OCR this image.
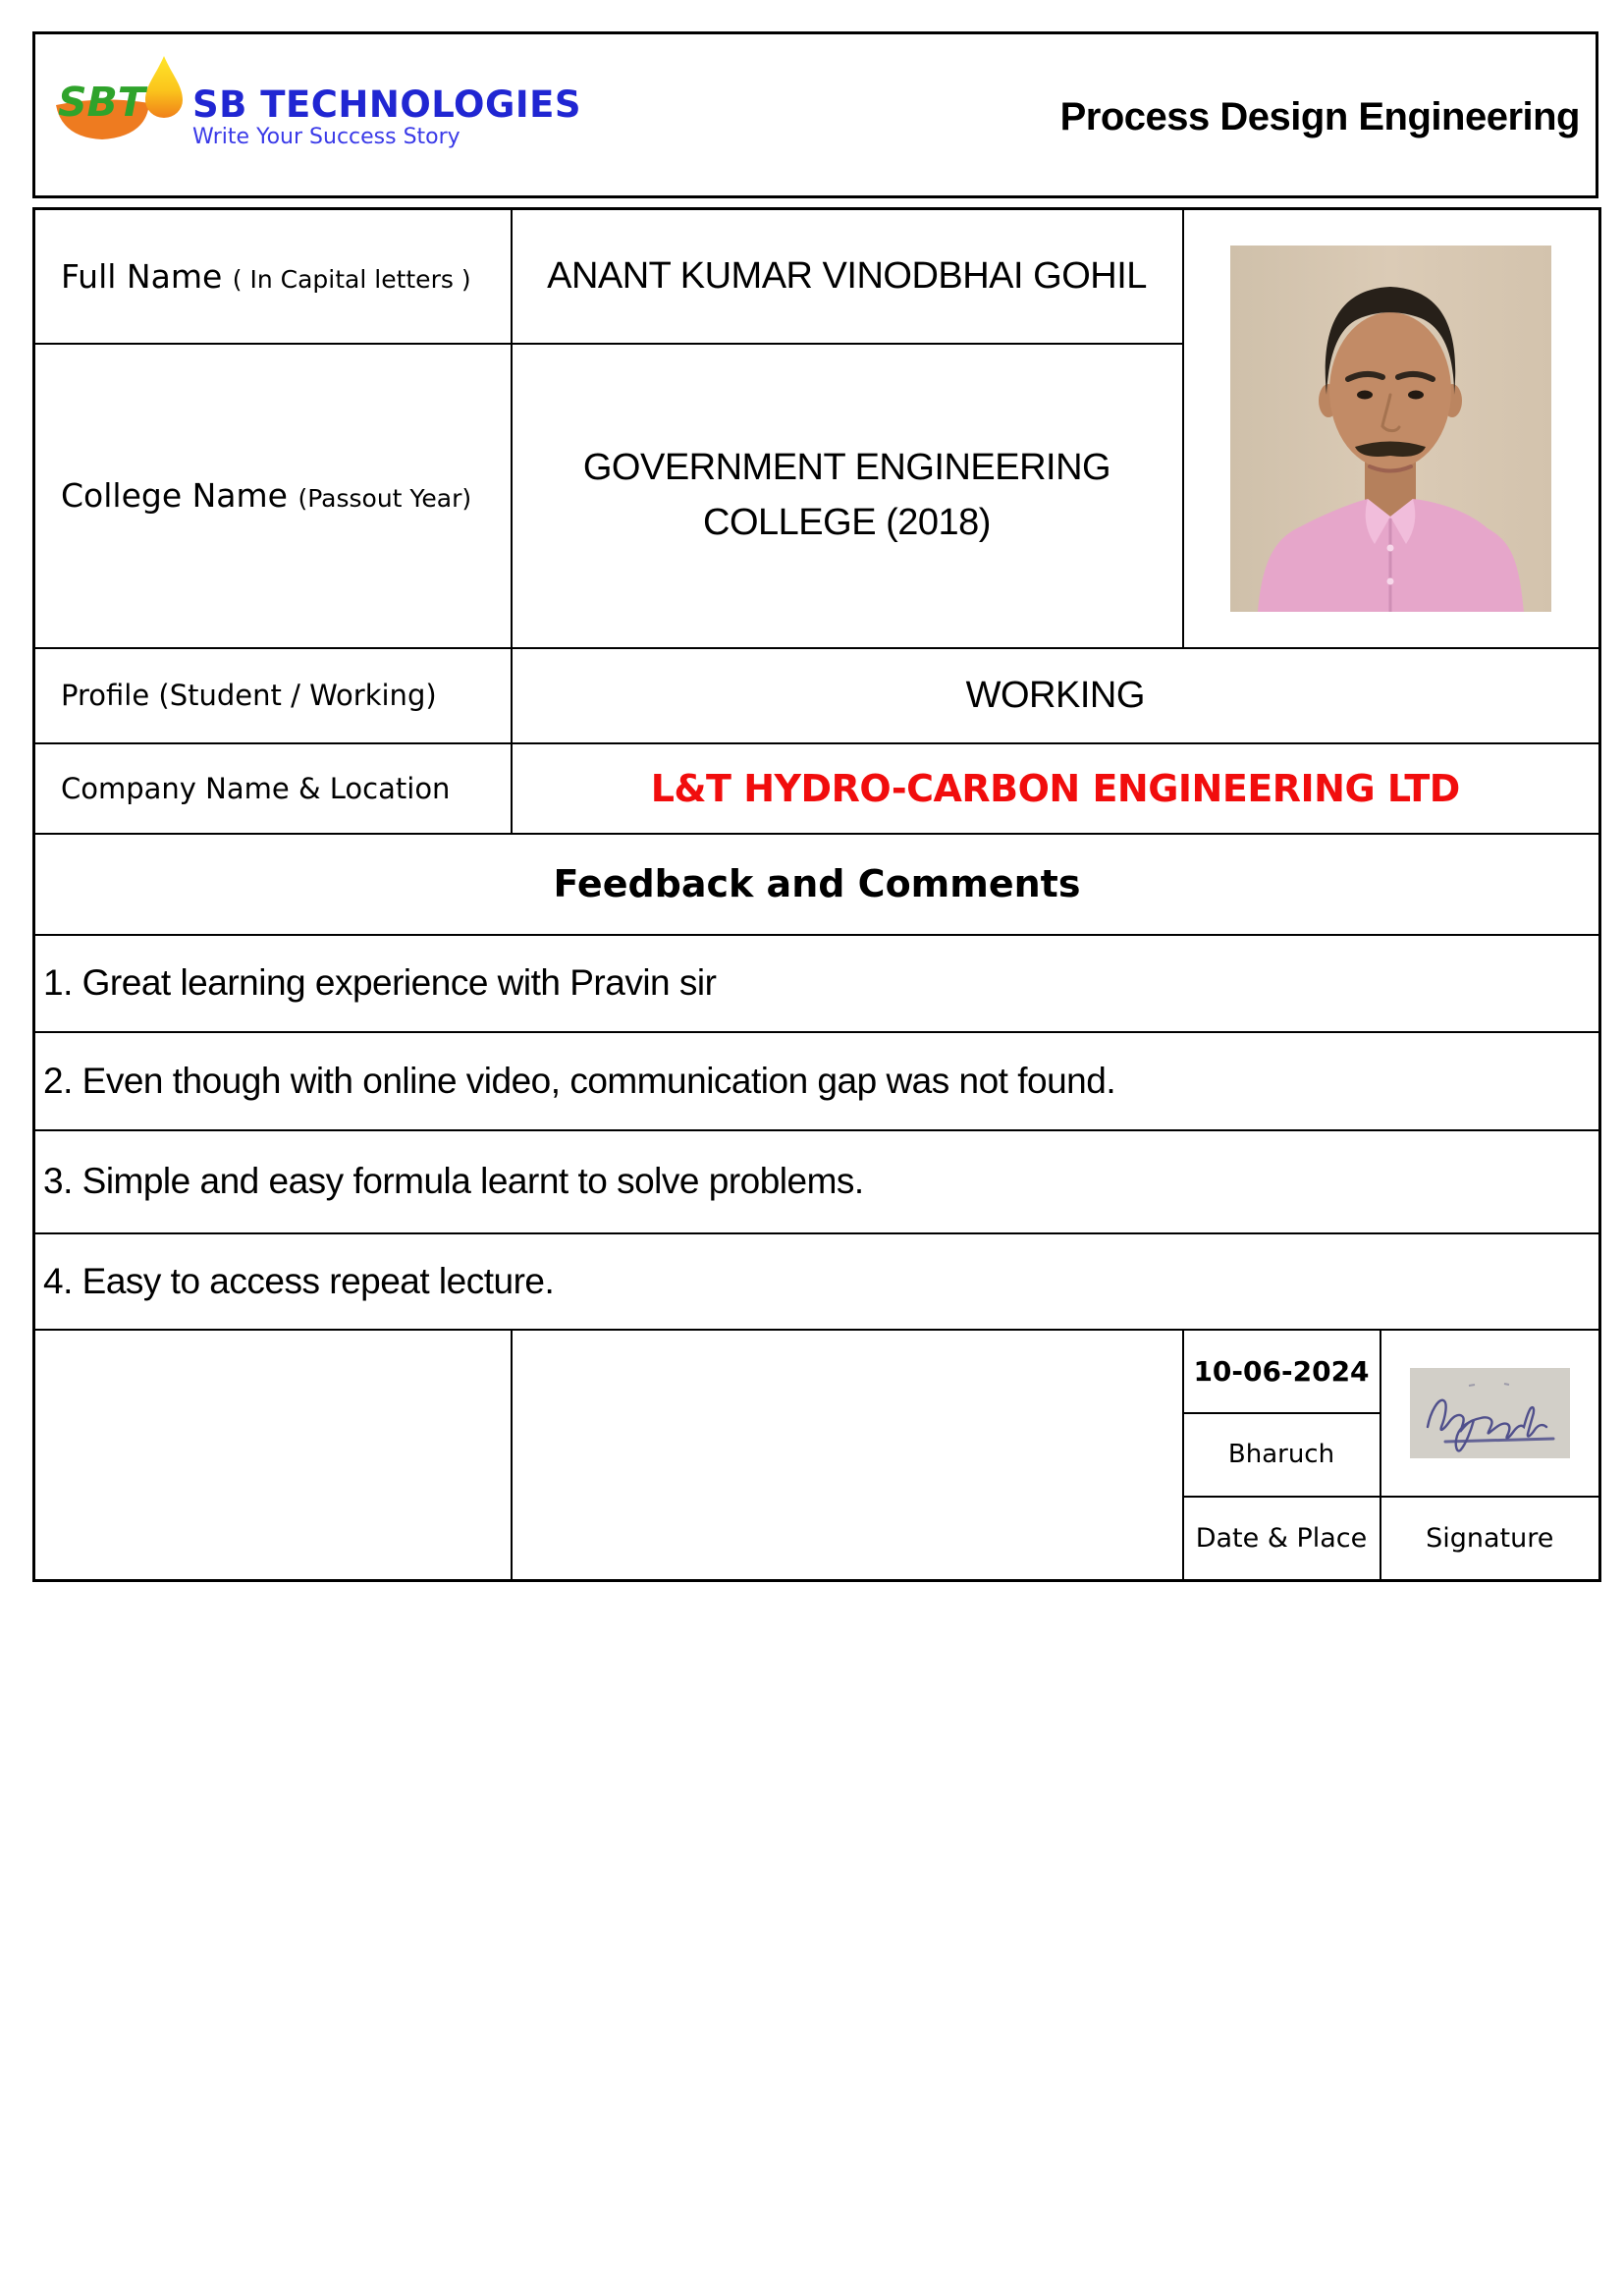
SBT SB TECHNOLOGIES
Write Your Success Story	Process Design Engineering
Full Name ( In Capital letters )	ANANT KUMAR VINODBHAI GOHIL	

College Name (Passout Year)	GOVERNMENT ENGINEERING COLLEGE (2018)		
Profile (Student / Working)	WORKING		
Company Name & Location	L&T HYDRO-CARBON ENGINEERING LTD		
Feedback and Comments			
1. Great learning experience with Pravin sir			
2. Even though with online video, communication gap was not found.			
3. Simple and easy formula learnt to solve problems.			
4. Easy to access repeat lecture.			
		10-06-2024	

		Bharuch	
		Date & Place	Signature
